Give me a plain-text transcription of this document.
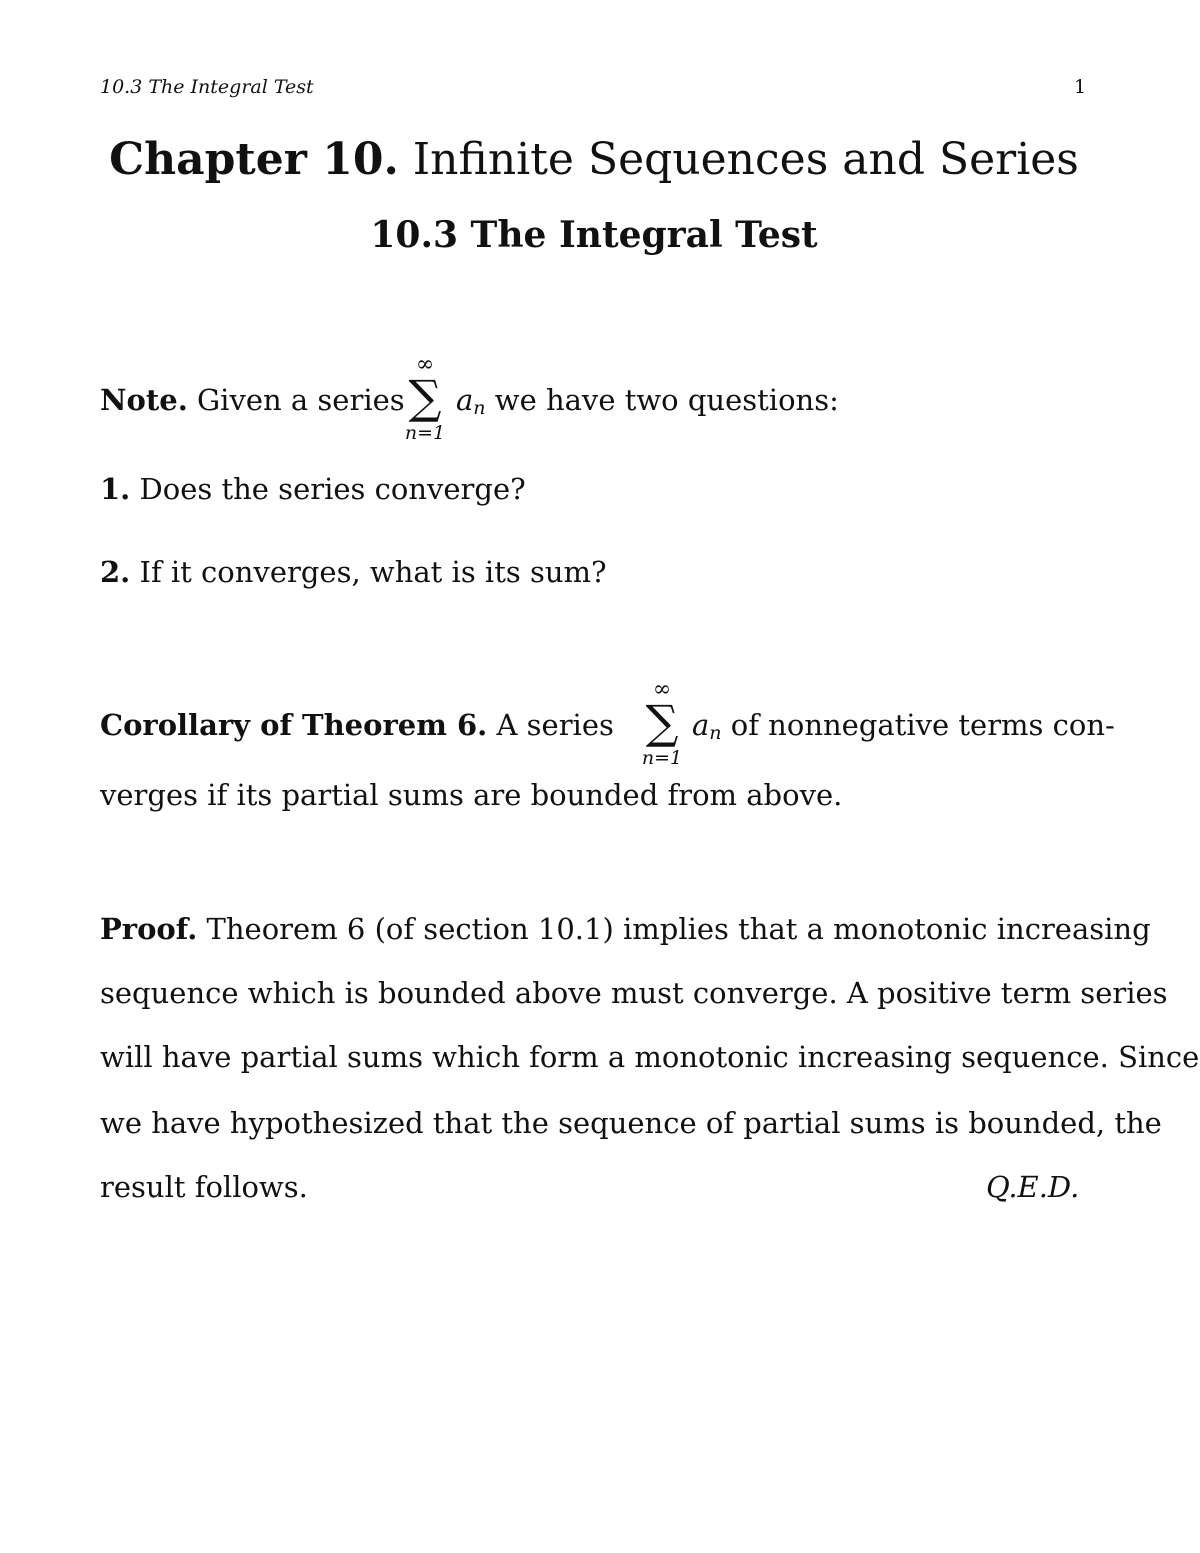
10.3 The Integral Test	1
Chapter 10. Infinite Sequences and Series
10.3 The Integral Test
Note. Given a series
∞
∑
n=1
$a_n$ we have two questions:
1. Does the series converge?
2. If it converges, what is its sum?
Corollary of Theorem 6. A series
∞
∑
n=1
$a_n$ of nonnegative terms con-
verges if its partial sums are bounded from above.
Proof. Theorem 6 (of section 10.1) implies that a monotonic increasing
sequence which is bounded above must converge. A positive term series
will have partial sums which form a monotonic increasing sequence. Since
we have hypothesized that the sequence of partial sums is bounded, the
result follows.	Q.E.D.
